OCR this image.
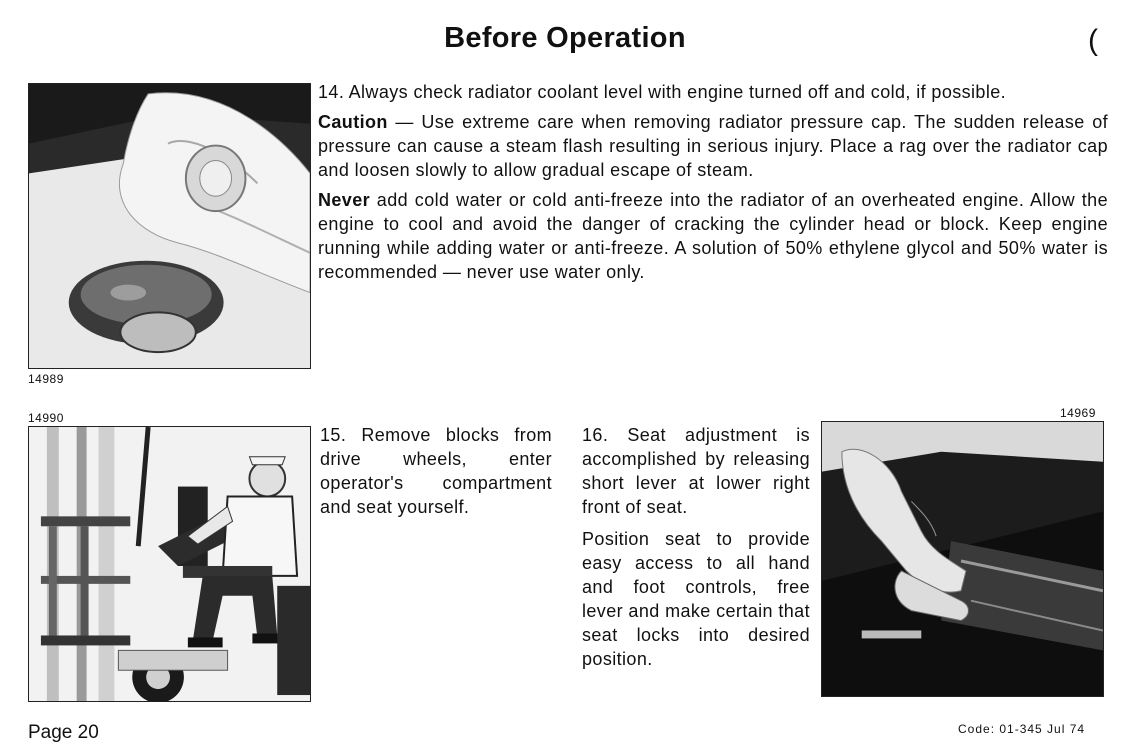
Before Operation	(
14989

14. Always check radiator coolant level with engine turned off and cold, if possible.

Caution — Use extreme care when removing radiator pressure cap. The sudden release of pressure can cause a steam flash resulting in serious injury. Place a rag over the radiator cap and loosen slowly to allow gradual escape of steam.

Never add cold water or cold anti-freeze into the radiator of an overheated engine. Allow the engine to cool and avoid the danger of cracking the cylinder head or block. Keep engine running while adding water or anti-freeze. A solution of 50% ethylene glycol and 50% water is recommended — never use water only.

14990

15. Remove blocks from drive wheels, enter operator's compartment and seat yourself.

16. Seat adjustment is accomplished by releasing short lever at lower right front of seat.

Position seat to provide easy access to all hand and foot controls, free lever and make certain that seat locks into desired position.

14969
Page 20	Code: 01-345 Jul 74
